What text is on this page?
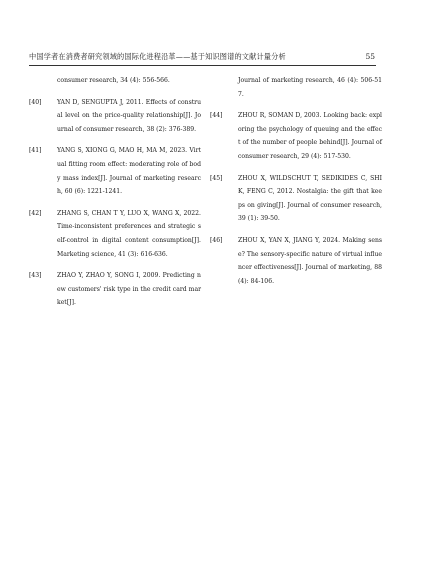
中国学者在消费者研究领域的国际化进程沿革——基于知识图谱的文献计量分析	55
consumer research, 34 (4): 556-566.
[40]	YAN D, SENGUPTA J, 2011. Effects of construal level on the price-quality relationship[J]. Journal of consumer research, 38 (2): 376-389.
[41]	YANG S, XIONG G, MAO H, MA M, 2023. Virtual fitting room effect: moderating role of body mass index[J]. Journal of marketing research, 60 (6): 1221-1241.
[42]	ZHANG S, CHAN T Y, LUO X, WANG X, 2022. Time-inconsistent preferences and strategic self-control in digital content consumption[J]. Marketing science, 41 (3): 616-636.
[43]	ZHAO Y, ZHAO Y, SONG I, 2009. Predicting new customers' risk type in the credit card market[J].
Journal of marketing research, 46 (4): 506-517.
[44]	ZHOU R, SOMAN D, 2003. Looking back: exploring the psychology of queuing and the effect of the number of people behind[J]. Journal of consumer research, 29 (4): 517-530.
[45]	ZHOU X, WILDSCHUT T, SEDIKIDES C, SHI K, FENG C, 2012. Nostalgia: the gift that keeps on giving[J]. Journal of consumer research, 39 (1): 39-50.
[46]	ZHOU X, YAN X, JIANG Y, 2024. Making sense? The sensory-specific nature of virtual influencer effectiveness[J]. Journal of marketing, 88 (4): 84-106.
